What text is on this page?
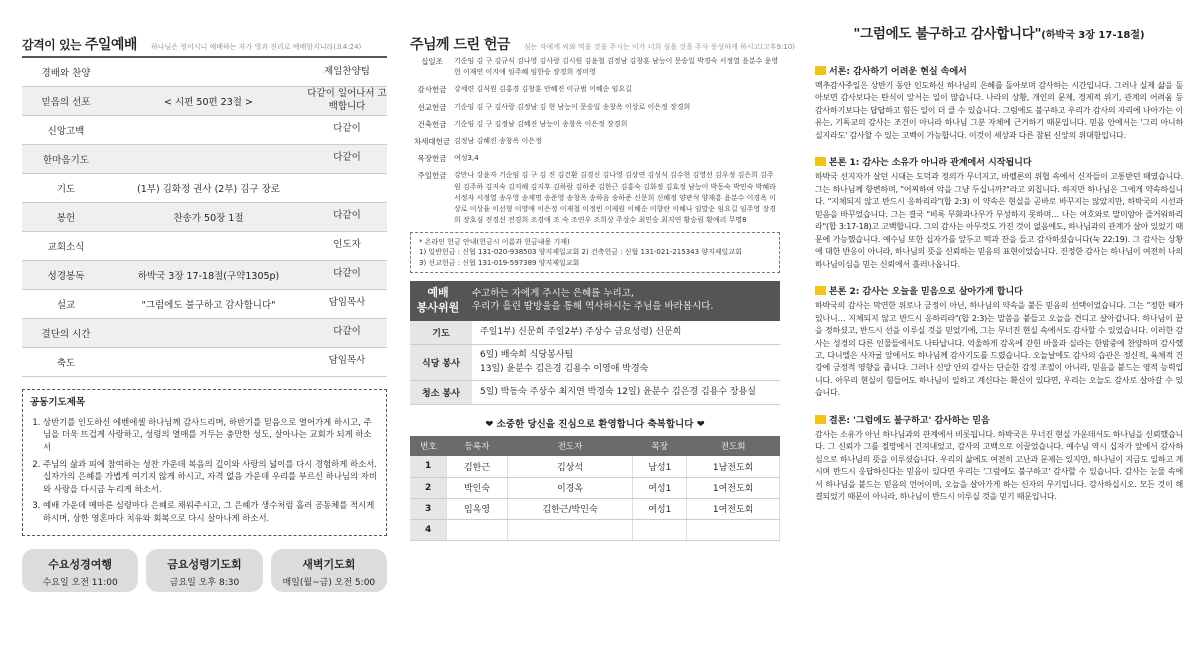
감격이 있는 주일예배 하나님은 영이시니 예배하는 자가 영과 진리로 예배할지니라(요4:24)
경배와 찬양		제일찬양팀
믿음의 선포	< 시편 50편 23절 >	다같이 일어나서 고백합니다
신앙고백		다같이
한마음기도		다같이
기도	(1부) 김화정 권사 (2부) 김구 장로	
봉헌	찬송가 50장 1절	다같이
교회소식		인도자
성경봉독	하박국 3장 17-18절(구약1305p)	다같이
설교	"그럼에도 불구하고 감사합니다"	담임목사
결단의 시간		다같이
축도		담임목사
공동기도제목
1. 상반기를 인도하신 에벤에셀 하나님께 감사드리며, 하반기를 믿음으로 열어가게 하시고, 주님을 더욱 뜨겁게 사랑하고, 성령의 열매를 거두는 충만한 성도, 살아나는 교회가 되게 하소서
2. 주님의 삶과 피에 참여하는 성찬 가운데 복음의 깊이와 사랑의 넓이를 다시 경험하게 하소서. 십자가의 은혜를 가볍게 여기지 않게 하시고, 자격 없음 가운데 우리를 부르신 하나님의 자비와 사랑을 다시금 누리게 하소서.
3. 예배 가운데 메마른 심령마다 은혜로 채워주시고, 그 은혜가 생수처럼 흘러 공동체를 적시게 하시며, 상한 영혼마다 치유와 회복으로 다시 살아나게 하소서.
수요성경여행
수요일 오전 11:00
금요성령기도회
금요일 오후 8:30
새벽기도회
매일(월~금) 오전 5:00
주님께 드린 헌금 심는 자에게 씨와 먹을 것을 주시는 이가 너희 심을 것을 주사 풍성하게 하시고(고후9:10)
십일조	기순임 김 구 김규식 김나영 김사랑 김시원 김윤철 김정남 김창훈 남능이 문승일 박경숙 서정열 윤분수 윤영헌 이재연 이지애 임주혜 임한승 장경희 정미영
감사헌금	강세련 김식원 김홍경 김창훈 안혜진 이규범 이혜순 임요길
선교헌금	기순임 김 구 김사랑 김정남 김 현 남능이 문승일 송창옥 이상로 이은정 장경희
건축헌금	기순임 김 구 김정남 김혜진 남능이 송창옥 이은정 장경희
차세대헌금 김정남 김혜진 송창옥 이은정
목장헌금	여성3,4
주일헌금	강만나 강윤자 기순임 김 구 김 진 김건환 김경신 김나영 김상연 김성식 김수현 김영선 김우정 김은희 김주원 김주하 김지숙 김지혜 김지후 김하람 김하준 김한근 김홍숙 김화정 김효정 남능이 박동숙 박민숙 박혜라 서정자 서정열 송우영 송재명 송준영 송창옥 송하음 송하준 신문희 신혜정 양관석 양재흥 윤분수 이경옥 이상로 이상율 이선형 이영애 이은정 이재철 이정빈 이제원 이혜순 이향란 이혜나 임말순 임요길 임주영 장경희 장호심 전경선 전경희 조경애 조 숙 조연우 조희상 주상수 최민승 최지연 황승림 황예리 무명8
* 온라인 헌금 안내(헌금시 이름과 헌금내용 기재)
1) 일반헌금 : 신협 131-020-938503 양지제일교회 2) 건축헌금 : 신협 131-021-215343 양지제일교회
3) 선교헌금 : 신협 131-019-597389 양지제일교회
예배
봉사위원
수고하는 자에게 주시는 은혜를 누리고,
우리가 흘린 땀방울을 통해 역사하시는 주님을 바라봅시다.
기도	주일1부) 신문희 주일2부) 주상수 금요성령) 신문희

식당 봉사	6일) 배숙희 식당봉사팀
13일) 윤분수 김은경 김용수 이영애 박경숙

청소 봉사	5일) 박동숙 주상수 최지연 박경숙 12일) 윤분수 김은경 김용수 장용실
❤ 소중한 당신을 진심으로 환영합니다 축복합니다 ❤
번호	등록자	전도자	목장	전도회
1	김한근	김상석	남성1	1남전도회
2	박인숙	이경옥	여성1	1여전도회
3	임옥영	김한근/박인숙	여성1	1여전도회
4				
"그럼에도 불구하고 감사합니다"(하박국 3장 17-18절)
서론: 감사하기 어려운 현실 속에서

맥추감사주일은 상반기 동안 인도하신 하나님의 은혜를 돌아보며 감사하는 시간입니다. 그러나 실제 삶을 돌아보면 감사보다는 탄식이 앞서는 일이 많습니다. 나라의 상황, 개인의 문제, 경제적 위기, 관계의 어려움 등 감사하기보다는 답답하고 힘든 일이 더 클 수 있습니다. 그럼에도 불구하고 우리가 감사의 자리에 나아가는 이유는, 기독교의 감사는 조건이 아니라 하나님 그분 자체에 근거하기 때문입니다. 믿음 안에서는 '그리 아니하실지라도' 감사할 수 있는 고백이 가능합니다. 이것이 세상과 다른 참된 신앙의 위대함입니다.

본론 1: 감사는 소유가 아니라 관계에서 시작됩니다

하박국 선지자가 살던 시대는 도덕과 정의가 무너지고, 바벨론의 위협 속에서 신자들이 고통받던 때였습니다. 그는 하나님께 항변하며, "어찌하여 악을 그냥 두십니까?"라고 외칩니다. 하지만 하나님은 그에게 약속하십니다. "지체되지 않고 반드시 응하리라"(합 2:3) 이 약속은 현실을 곧바로 바꾸지는 않았지만, 하박국의 시선과 믿음을 바꾸었습니다. 그는 결국 "비록 무화과나무가 무성하지 못하며… 나는 여호와로 말미암아 즐거워하리라"(합 3:17-18)고 고백합니다. 그의 감사는 아무것도 가진 것이 없음에도, 하나님과의 관계가 살아 있었기 때문에 가능했습니다. 예수님 또한 십자가를 앞두고 떡과 잔을 들고 감사하셨습니다(눅 22:19). 그 감사는 상황에 대한 반응이 아니라, 하나님의 뜻을 신뢰하는 믿음의 표현이었습니다. 진정한 감사는 하나님이 여전히 나의 하나님이심을 믿는 신뢰에서 흘러나옵니다.

본론 2: 감사는 오늘을 믿음으로 살아가게 합니다

하박국의 감사는 막연한 위로나 긍정이 아닌, 하나님의 약속을 붙든 믿음의 선택이었습니다. 그는 "정한 때가 있나니… 지체되지 않고 반드시 응하리라"(합 2:3)는 말씀을 붙들고 오늘을 견디고 살아갑니다. 하나님이 끝을 정하셨고, 반드시 선을 이루실 것을 믿었기에, 그는 무너진 현실 속에서도 감사할 수 있었습니다. 이러한 감사는 성경의 다른 인물들에서도 나타납니다. 억울하게 감옥에 갇힌 바울과 실라는 한밤중에 찬양하며 감사했고, 다니엘은 사자굴 앞에서도 하나님께 감사기도를 드렸습니다. 오늘날에도 감사의 습관은 정신적, 육체적 건강에 긍정적 영향을 줍니다. 그러나 신앙 안의 감사는 단순한 감정 조절이 아니라, 믿음을 붙드는 영적 능력입니다. 아무리 현실이 힘들어도 하나님이 일하고 계신다는 확신이 있다면, 우리는 오늘도 감사로 살아갈 수 있습니다.

결론: '그럼에도 불구하고' 감사하는 믿음

감사는 소유가 아닌 하나님과의 관계에서 비롯됩니다. 하박국은 무너진 현실 가운데서도 하나님을 신뢰했습니다. 그 신뢰가 그를 절망에서 건져내었고, 감사의 고백으로 이끌었습니다. 예수님 역시 십자가 앞에서 감사하심으로 하나님의 뜻을 이루셨습니다. 우리의 삶에도 여전히 고난과 문제는 있지만, 하나님이 지금도 일하고 계시며 반드시 응답하신다는 믿음이 있다면 우리는 '그럼에도 불구하고' 감사할 수 있습니다. 감사는 눈물 속에서 하나님을 붙드는 믿음의 언어이며, 오늘을 살아가게 하는 신자의 무기입니다. 감사하십시오. 모든 것이 해결되었기 때문이 아니라, 하나님이 반드시 이루실 것을 믿기 때문입니다.
